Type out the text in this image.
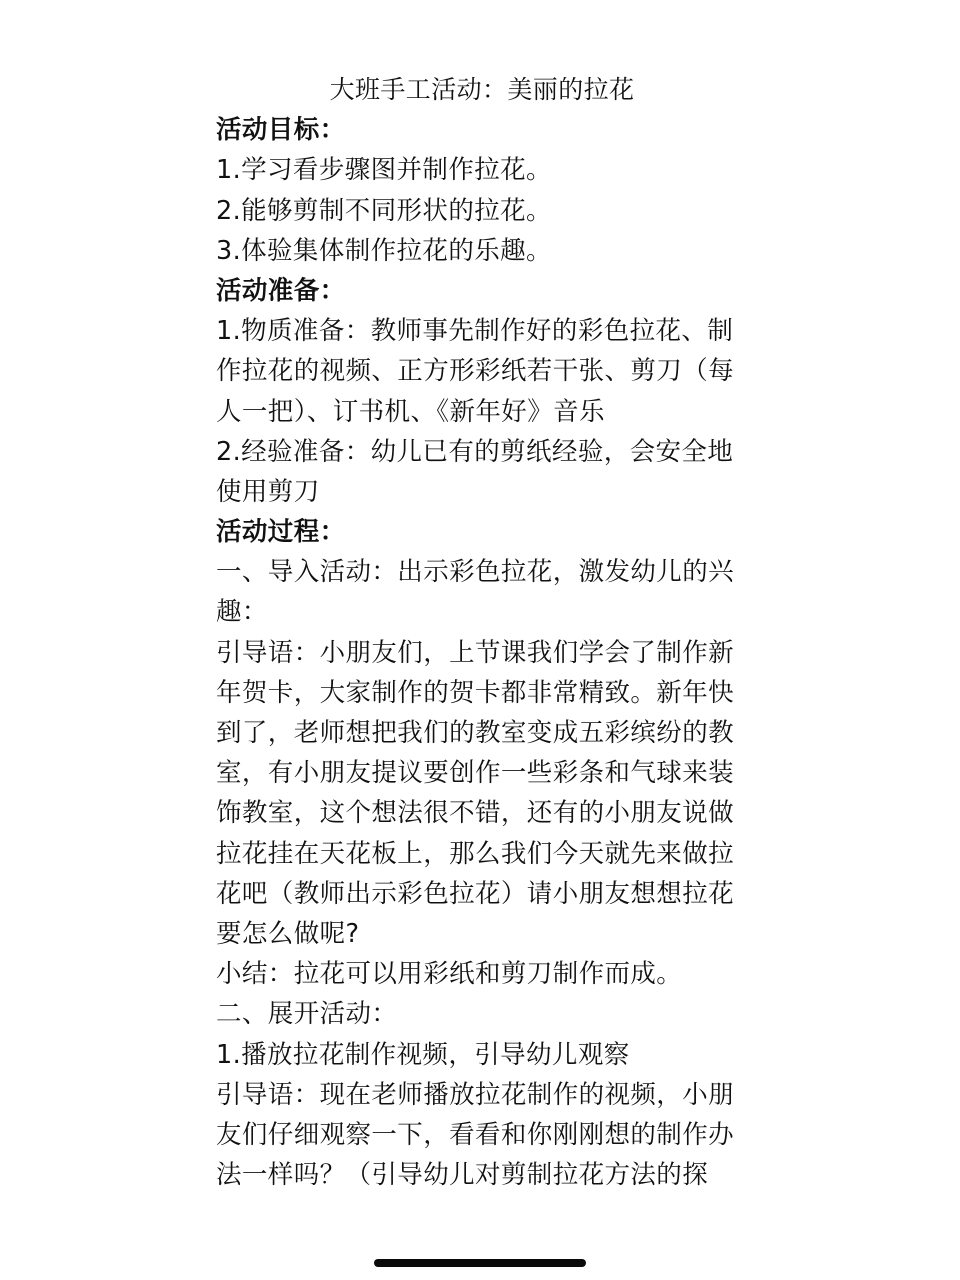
大班手工活动：美丽的拉花
活动目标：
1.学习看步骤图并制作拉花。
2.能够剪制不同形状的拉花。
3.体验集体制作拉花的乐趣。
活动准备：
1.物质准备：教师事先制作好的彩色拉花、制
作拉花的视频、正方形彩纸若干张、剪刀（每
人一把）、订书机、《新年好》音乐
2.经验准备：幼儿已有的剪纸经验，会安全地
使用剪刀
活动过程：
一、导入活动：出示彩色拉花，激发幼儿的兴
趣：
引导语：小朋友们，上节课我们学会了制作新
年贺卡，大家制作的贺卡都非常精致。新年快
到了，老师想把我们的教室变成五彩缤纷的教
室，有小朋友提议要创作一些彩条和气球来装
饰教室，这个想法很不错，还有的小朋友说做
拉花挂在天花板上，那么我们今天就先来做拉
花吧（教师出示彩色拉花）请小朋友想想拉花
要怎么做呢?
小结：拉花可以用彩纸和剪刀制作而成。
二、展开活动：
1.播放拉花制作视频，引导幼儿观察
引导语：现在老师播放拉花制作的视频，小朋
友们仔细观察一下，看看和你刚刚想的制作办
法一样吗？（引导幼儿对剪制拉花方法的探
